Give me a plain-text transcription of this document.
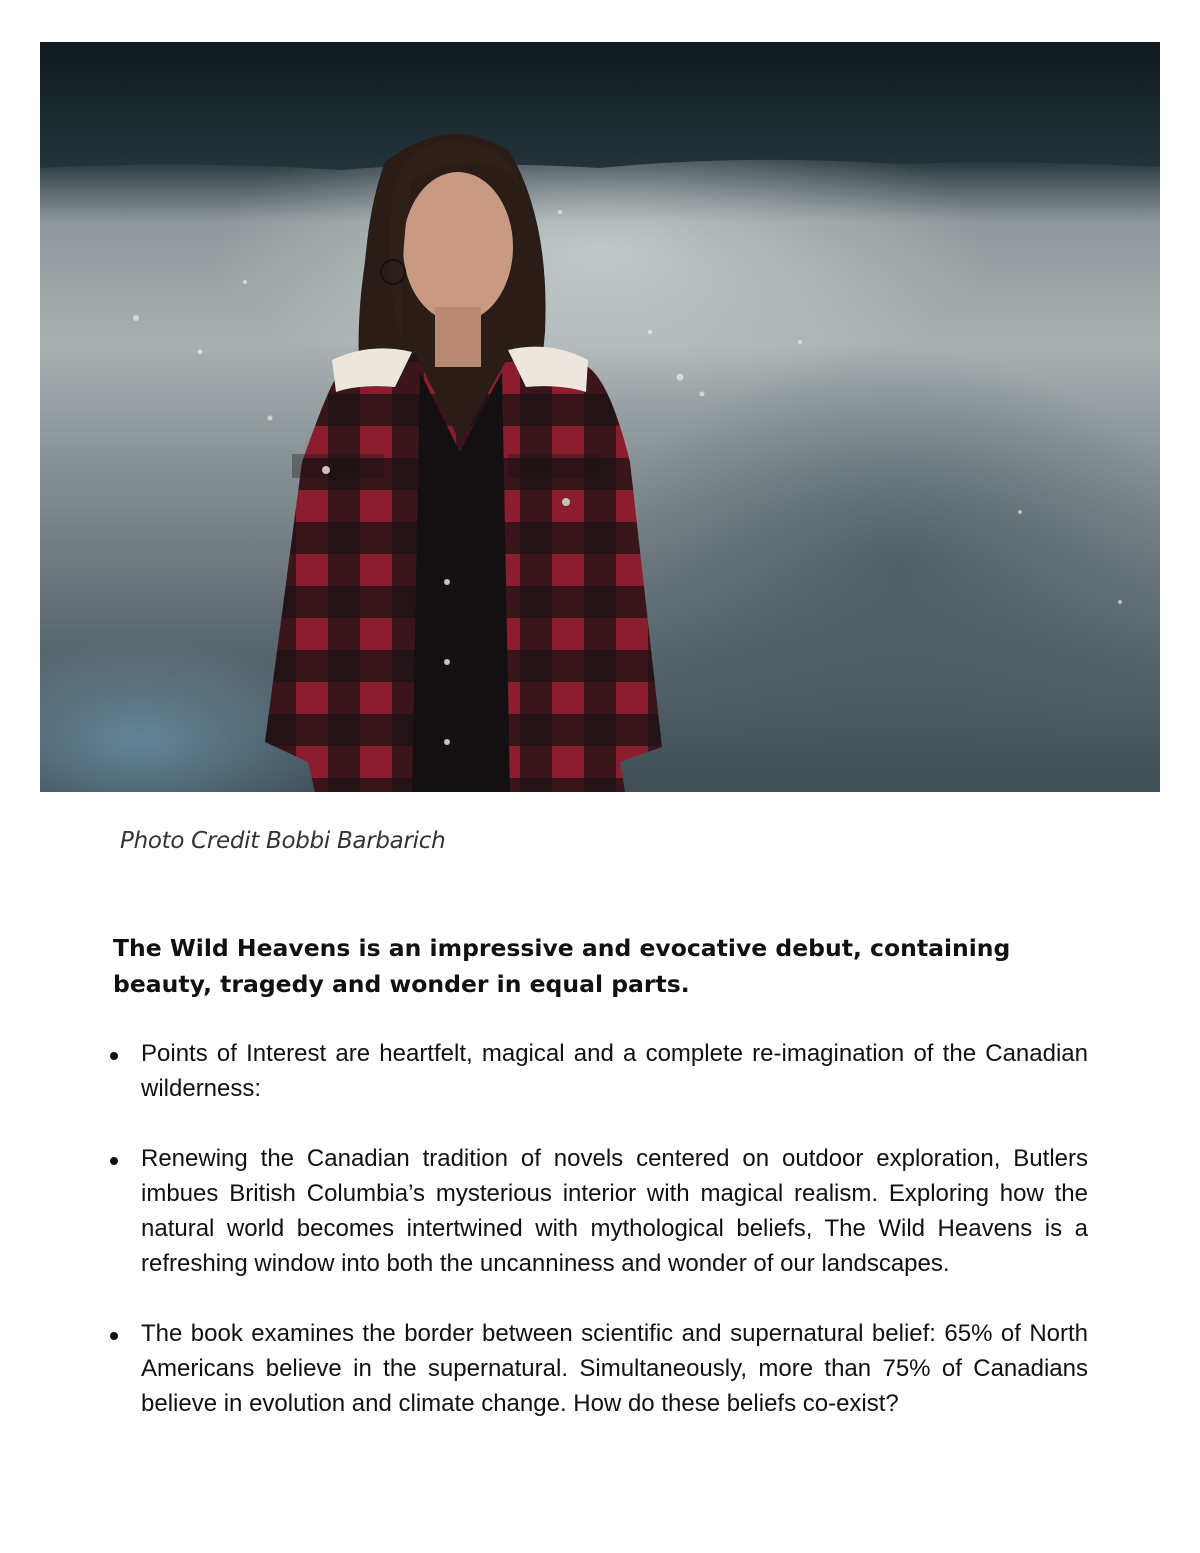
Photo Credit Bobbi Barbarich

The Wild Heavens is an impressive and evocative debut, containing beauty, tragedy and wonder in equal parts.

Points of Interest are heartfelt, magical and a complete re-imagination of the Canadian wilderness:
Renewing the Canadian tradition of novels centered on outdoor exploration, Butlers imbues British Columbia’s mysterious interior with magical realism. Exploring how the natural world becomes intertwined with mythological beliefs, The Wild Heavens is a refreshing window into both the uncanniness and wonder of our landscapes.
The book examines the border between scientific and supernatural belief: 65% of North Americans believe in the supernatural. Simultaneously, more than 75% of Canadians believe in evolution and climate change. How do these beliefs co-exist?
